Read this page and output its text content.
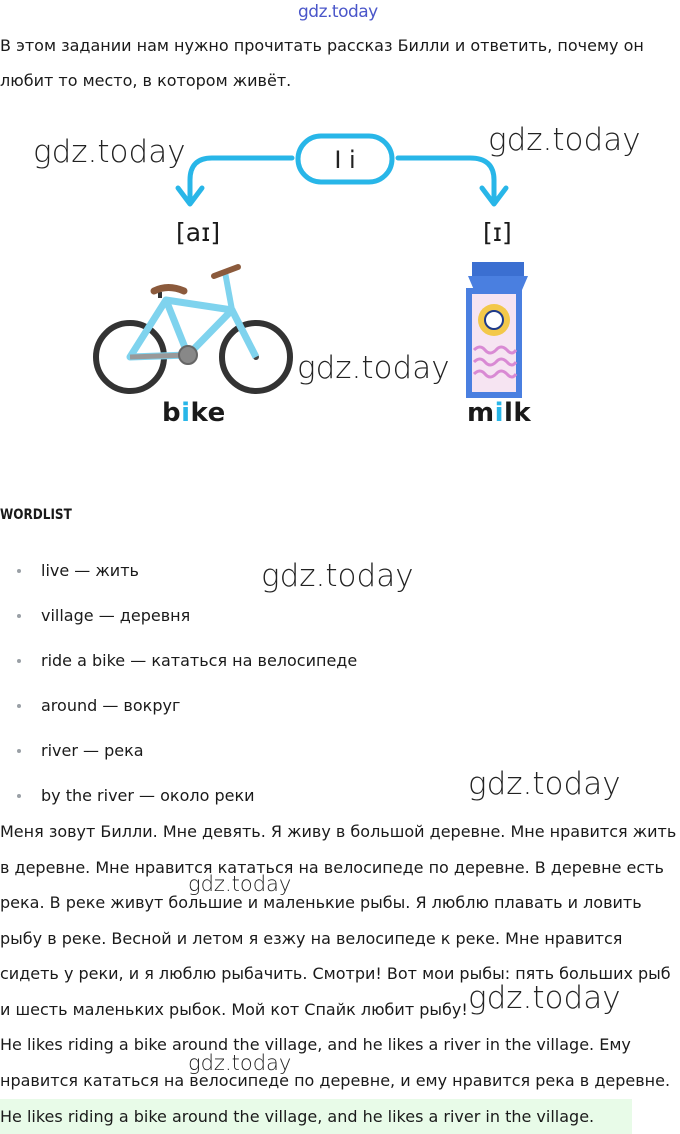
gdz.today
В этом задании нам нужно прочитать рассказ Билли и ответить, почему он любит то место, в котором живёт.
I i
[aɪ]	[ɪ]
bike	milk
WORDLIST
live — жить
village — деревня
ride a bike — кататься на велосипеде
around — вокруг
river — река
by the river — около реки
Меня зовут Билли. Мне девять. Я живу в большой деревне. Мне нравится жить в деревне. Мне нравится кататься на велосипеде по деревне. В деревне есть река. В реке живут большие и маленькие рыбы. Я люблю плавать и ловить рыбу в реке. Весной и летом я езжу на велосипеде к реке. Мне нравится сидеть у реки, и я люблю рыбачить. Смотри! Вот мои рыбы: пять больших рыб и шесть маленьких рыбок. Мой кот Спайк любит рыбу!
He likes riding a bike around the village, and he likes a river in the village. Ему нравится кататься на велосипеде по деревне, и ему нравится река в деревне.
He likes riding a bike around the village, and he likes a river in the village.
gdz.today	gdz.today
gdz.today
gdz.today
gdz.today
gdz.today
gdz.today
gdz.today
